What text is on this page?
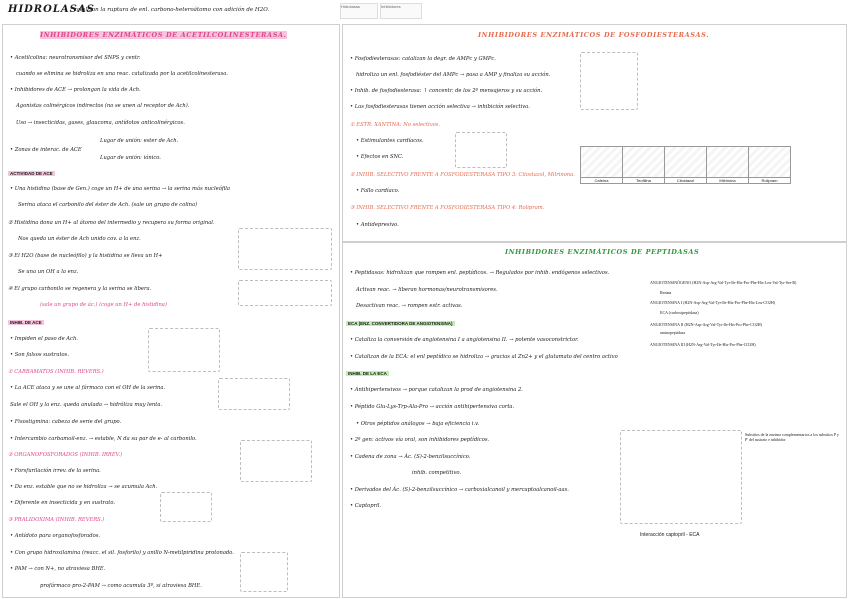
HIDROLASAS
: catalizan la ruptura de enl. carbono-heteroátomo con adición de H2O.
Hidrolasas	Inhibidores
INHIBIDORES ENZIMÁTICOS DE ACETILCOLINESTERASA.
• Acetilcolina: neurotransmisor del SNPS y centr.
cuando se elimina se hidroliza en una reac. catalizada por la acetilcolinesterasa.
• Inhibidores de ACE → prolongan la vida de Ach.
Agonistas colinérgicos indirectos (no se unen al receptor de Ach).
Uso → insecticidas, gases, glaucoma, antídotos anticolinérgicos.
Lugar de unión: ester de Ach.
• Zonas de interac. de ACE
Lugar de unión: iónico.
ACTIVIDAD DE ACE
• Una histidina (base de Gen.) coge un H+ de una serina → la serina más nucleófila
Serina ataca el carbonilo del éster de Ach. (sale un grupo de colina)
② Histidina dona un H+ al átomo del intermedio y recupera su forma original.
Nos queda un éster de Ach unido cov. a la enz.
③ El H2O (base de nucleófilo) y la histidina se lleva un H+
Se una un OH a la enz.
④ El grupo carbonilo se regenera y la serina se libera.
(sale un grupo de ác.) (coge un H+ de histidina)
INHIB. DE ACE
• Impiden el paso de Ach.
• Son falsos sustratos.
① CARBAMATOS (INHIB. REVERS.)
• La ACE ataca y se une al fármaco con el OH de la serina.
Sale el OH y la enz. queda anulada → hidróliza muy lenta.
• Fisostigmina: cabeza de serie del grupo.
• Intercambio carbamoil-enz. → estable, N da su par de e- al carbonilo.
② ORGANOFOSFORADOS (INHIB. IRREV.)
• Forsfurilación irrev. de la serina.
• Da enz. estable que no se hidroliza → se acumula Ach.
• Diferente en insecticida y en sustrato.
③ PRALIDOXIMA (INHIB. REVERS.)
• Antídoto para organofosforados.
• Con grupo hidroxilamina (reacc. el sil. fosforilo) y anillo N-metilpiridina protonado.
• PAM → con N+, no atraviesa BHE.
profármaco pro-2-PAM → como acumula 3º, si atraviesa BHE.
INHIBIDORES ENZIMÁTICOS DE FOSFODIESTERASAS.
• Fosfodiesterasas: catalizan la degr. de AMPc y GMPc.
hidroliza un enl. fosfodiéster del AMPc → pasa a AMP y finaliza su acción.
• Inhib. de fosfodiesterasa: ↑ concentr. de los 2º mensajeros y su acción.
• Las fosfodiesterasas tienen acción selectiva → inhibición selectiva.
① ESTR. XANTINA: No selectivos.
• Estimulantes cardíacos.
• Efectos en SNC.
② INHIB. SELECTIVO FRENTE A FOSFODIESTERASA TIPO 3: Cilostazol, Milrinona.
• Fallo cardíaco.
③ INHIB. SELECTIVO FRENTE A FOSFODIESTERASA TIPO 4: Rolipram.
• Antidepresivo.

Cafeína	Teofilina	Cilostazol	Milrinona	Rolipram
INHIBIDORES ENZIMÁTICOS DE PEPTIDASAS
• Peptidasas: hidrolizan que rompen enl. peptídicos. → Regulados por inhib. endógenos selectivos.
Activan reac. → liberan hormonas/neurotransmisores.
Desactivan reac. → rompen estr. activas.
ECA (ENZ. CONVERTIDORA DE ANGIOTENSINA)
• Cataliza la conversión de angiotensina I a angiotensina II. → potente vasoconstrictor.
• Catalizan de la ECA: el enl peptídico se hidroliza → gracias al Zn2+ y el glutamato del centro activo
INHIB. DE LA ECA
• Antihipertensivos → porque catalizan la prod de angiotensina 2.
• Péptido Glu-Lys-Trp-Ala-Pro → acción antihipertensiva corta.
• Otros péptidos análogos → baja eficiencia i.v.
• 2º gen: activos vía oral, son inhibidores peptídicos.
• Cadena de zona → Ác. (S)-2-benzilsuccínico.
inhib. competitivo.
• Derivados del Ác. (S)-2-benzilsuccínico → carboxialcanoil y mercaptoalcanoil-aas.
• Captopril.
ANGIOTENSINÓGENO (H2N-Asp-Arg-Val-Tyr-Ile-His-Pro-Phe-His-Leu-Val-Tyr-Ser-R)
Renina
ANGIOTENSINA I (H2N-Asp-Arg-Val-Tyr-Ile-His-Pro-Phe-His-Leu-CO2H)
ECA (carboxipeptidasa)
ANGIOTENSINA II (H2N-Asp-Arg-Val-Tyr-Ile-His-Pro-Phe-CO2H)
aminopeptidasa
ANGIOTENSINA III (H2N-Arg-Val-Tyr-Ile-His-Pro-Phe-CO2H)
Subsitios de la enzima complementarios a los subsitios P y P' del sustrato e inhibidor
Interacción captopril - ECA
